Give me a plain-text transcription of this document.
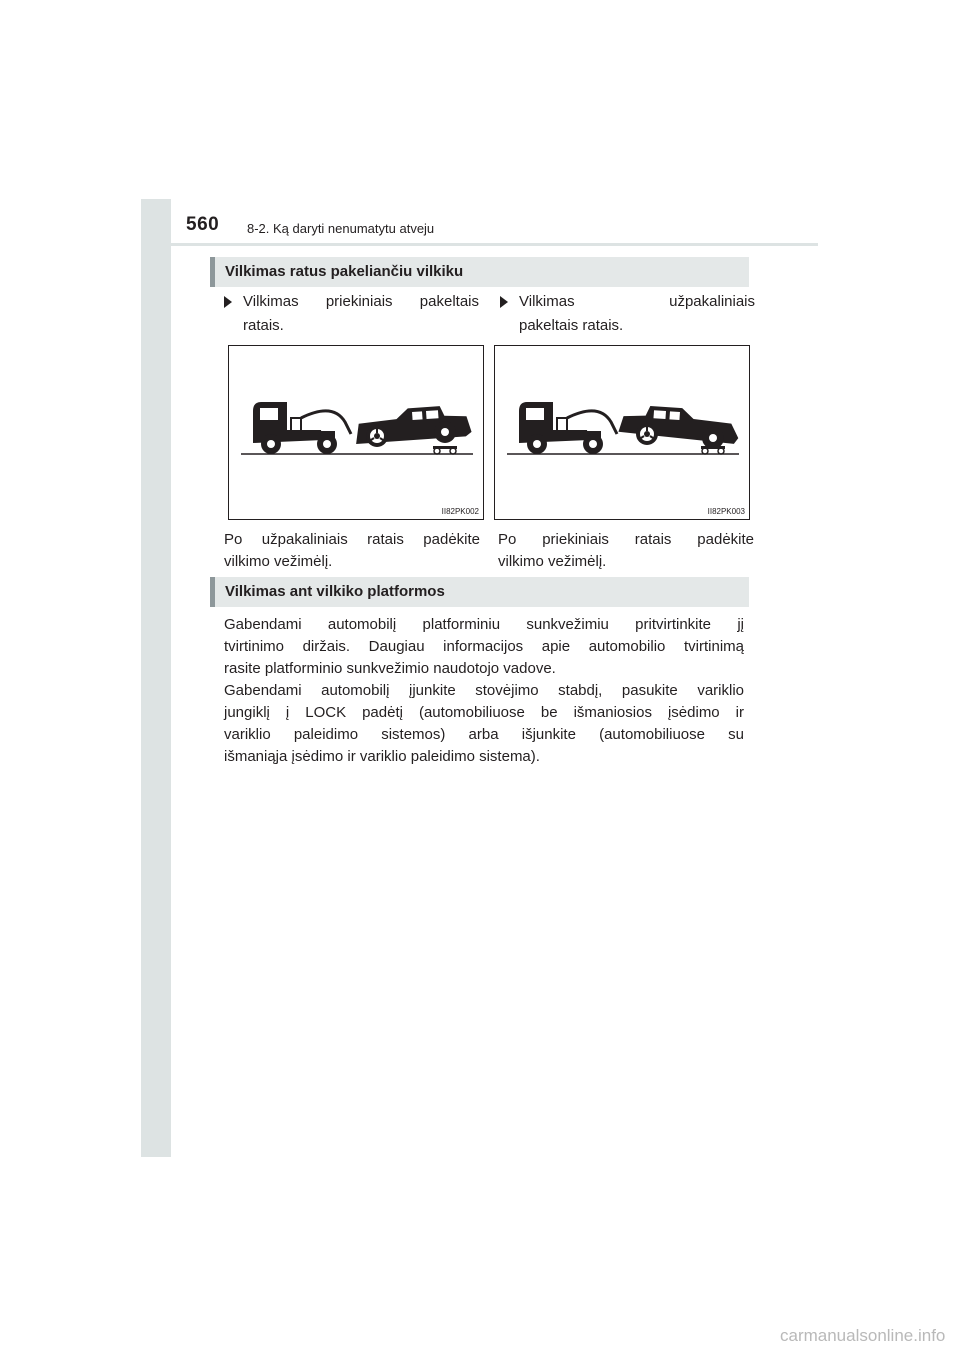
560 8-2. Ką daryti nenumatytu atveju
Vilkimas ratus pakeliančiu vilkiku

Vilkimas priekiniais pakeltais
ratais.

Vilkimas užpakaliniais
pakeltais ratais.

II82PK002	II82PK003
Po užpakaliniais ratais padėkite
vilkimo vežimėlį.
Po priekiniais ratais padėkite
vilkimo vežimėlį.
Vilkimas ant vilkiko platformos
Gabendami automobilį platforminiu sunkvežimiu pritvirtinkite jį
tvirtinimo diržais. Daugiau informacijos apie automobilio tvirtinimą
rasite platforminio sunkvežimio naudotojo vadove.
Gabendami automobilį įjunkite stovėjimo stabdį, pasukite variklio
jungiklį į LOCK padėtį (automobiliuose be išmaniosios įsėdimo ir
variklio paleidimo sistemos) arba išjunkite (automobiliuose su
išmaniąja įsėdimo ir variklio paleidimo sistema).
carmanualsonline.info
